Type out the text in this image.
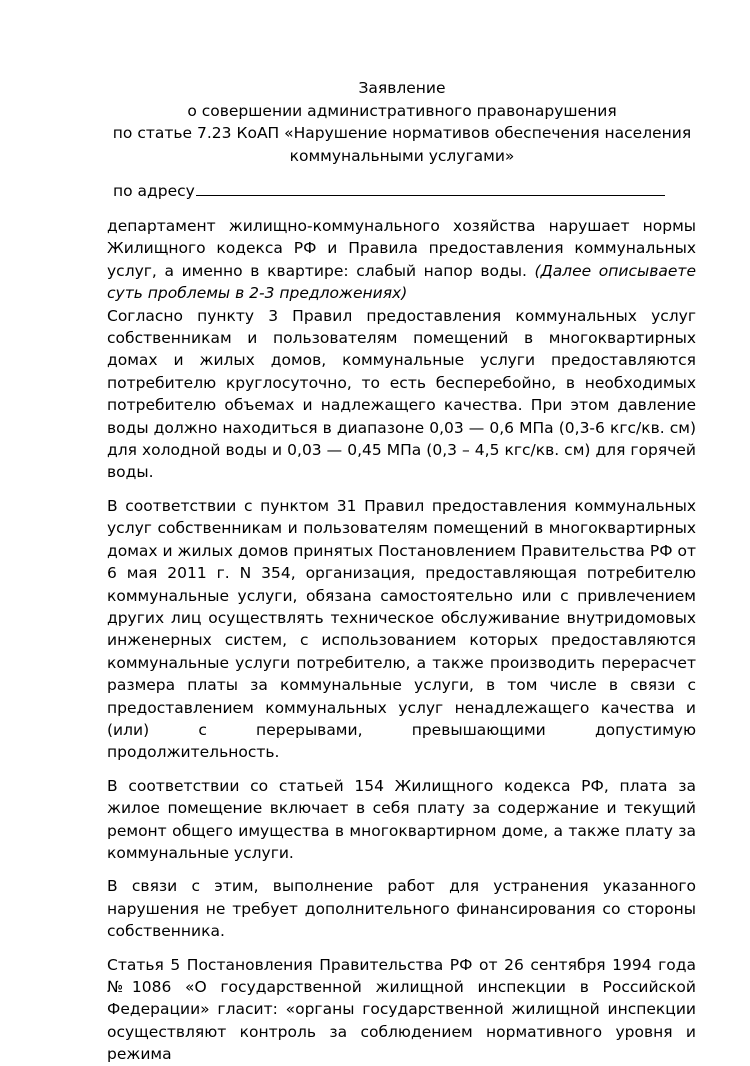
Заявление
о совершении административного правонарушения
по статье 7.23 КоАП «Нарушение нормативов обеспечения населения
коммунальными услугами»
по адресу

департамент жилищно-коммунального хозяйства нарушает нормы Жилищного кодекса РФ и Правила предоставления коммунальных услуг, а именно в квартире: слабый напор воды. (Далее описываете суть проблемы в 2-3 предложениях)

Согласно пункту 3 Правил предоставления коммунальных услуг собственникам и пользователям помещений в многоквартирных домах и жилых домов, коммунальные услуги предоставляются потребителю круглосуточно, то есть бесперебойно, в необходимых потребителю объемах и надлежащего качества. При этом давление воды должно находиться в диапазоне 0,03 — 0,6 МПа (0,3-6 кгс/кв. см) для холодной воды и 0,03 — 0,45 МПа (0,3 – 4,5 кгс/кв. см) для горячей воды.

В соответствии с пунктом 31 Правил предоставления коммунальных услуг собственникам и пользователям помещений в многоквартирных домах и жилых домов принятых Постановлением Правительства РФ от 6 мая 2011 г. N 354, организация, предоставляющая потребителю коммунальные услуги, обязана самостоятельно или с привлечением других лиц осуществлять техническое обслуживание внутридомовых инженерных систем, с использованием которых предоставляются коммунальные услуги потребителю, а также производить перерасчет размера платы за коммунальные услуги, в том числе в связи с предоставлением коммунальных услуг ненадлежащего качества и (или) с перерывами, превышающими допустимую продолжительность.

В соответствии со статьей 154 Жилищного кодекса РФ, плата за жилое помещение включает в себя плату за содержание и текущий ремонт общего имущества в многоквартирном доме, а также плату за коммунальные услуги.

В связи с этим, выполнение работ для устранения указанного нарушения не требует дополнительного финансирования со стороны собственника.

Статья 5 Постановления Правительства РФ от 26 сентября 1994 года №1086 «О государственной жилищной инспекции в Российской Федерации» гласит: «органы государственной жилищной инспекции осуществляют контроль за соблюдением нормативного уровня и режима
